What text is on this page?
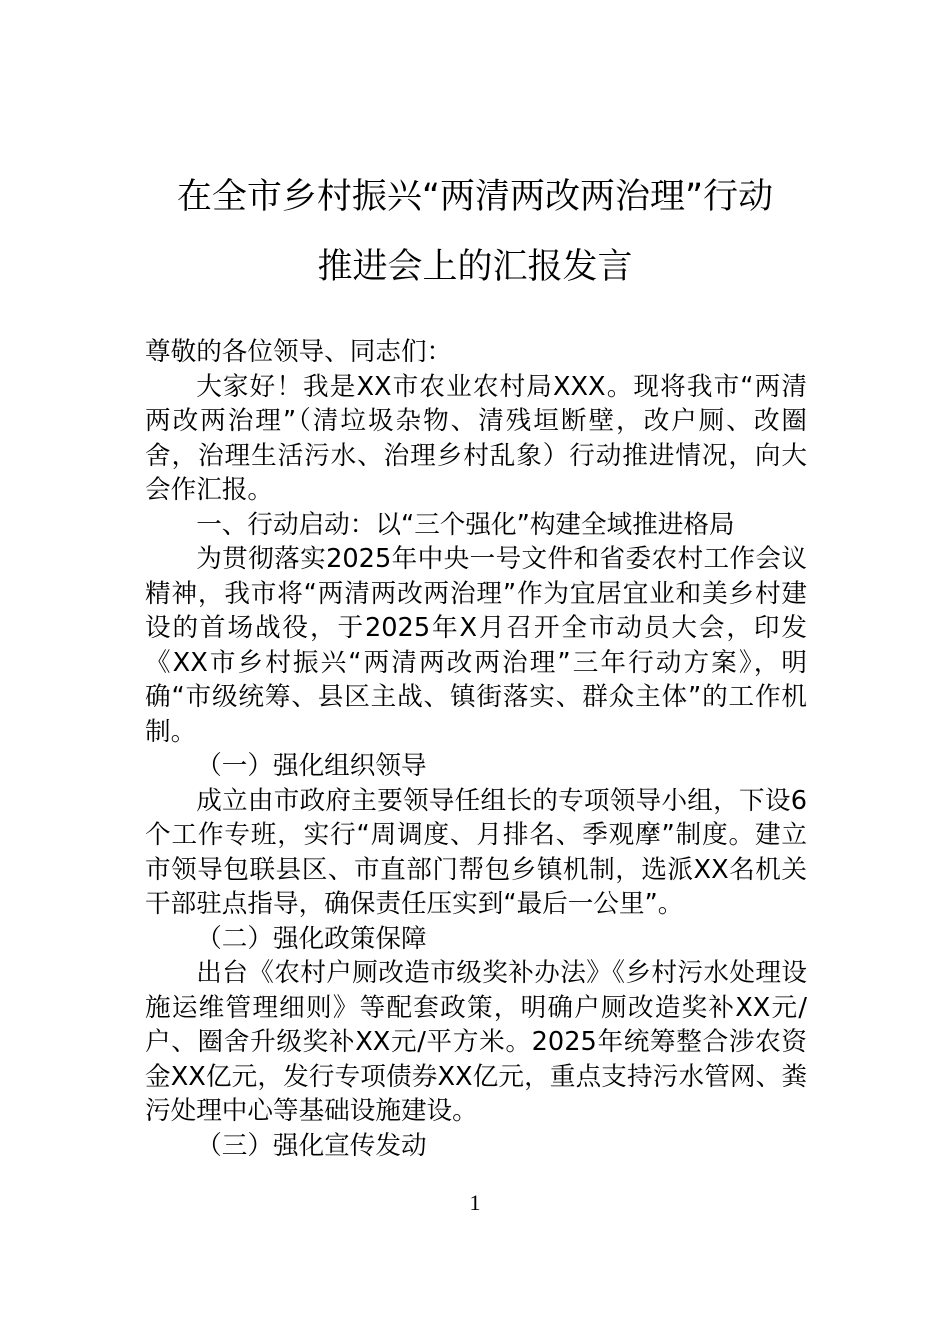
在全市乡村振兴“两清两改两治理”行动
推进会上的汇报发言

尊敬的各位领导、同志们：

大家好！我是XX市农业农村局XXX。现将我市“两清两改两治理”（清垃圾杂物、清残垣断壁，改户厕、改圈舍，治理生活污水、治理乡村乱象）行动推进情况，向大会作汇报。

一、行动启动：以“三个强化”构建全域推进格局

为贯彻落实2025年中央一号文件和省委农村工作会议精神，我市将“两清两改两治理”作为宜居宜业和美乡村建设的首场战役，于2025年X月召开全市动员大会，印发《XX市乡村振兴“两清两改两治理”三年行动方案》，明确“市级统筹、县区主战、镇街落实、群众主体”的工作机制。

（一）强化组织领导

成立由市政府主要领导任组长的专项领导小组，下设6个工作专班，实行“周调度、月排名、季观摩”制度。建立市领导包联县区、市直部门帮包乡镇机制，选派XX名机关干部驻点指导，确保责任压实到“最后一公里”。

（二）强化政策保障

出台《农村户厕改造市级奖补办法》《乡村污水处理设施运维管理细则》等配套政策，明确户厕改造奖补XX元/户、圈舍升级奖补XX元/平方米。2025年统筹整合涉农资金XX亿元，发行专项债券XX亿元，重点支持污水管网、粪污处理中心等基础设施建设。

（三）强化宣传发动

1
